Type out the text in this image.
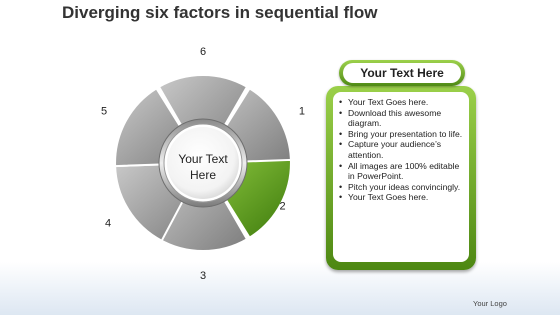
Diverging six factors in sequential flow
1
2
3
4
5
6
Your Text
Here
• Your Text Goes here.
• Download this awesome diagram.
• Bring your presentation to life.
• Capture your audience’s attention.
• All images are 100% editable in PowerPoint.
• Pitch your ideas convincingly.
• Your Text Goes here.
Your Text Here
Your Logo
